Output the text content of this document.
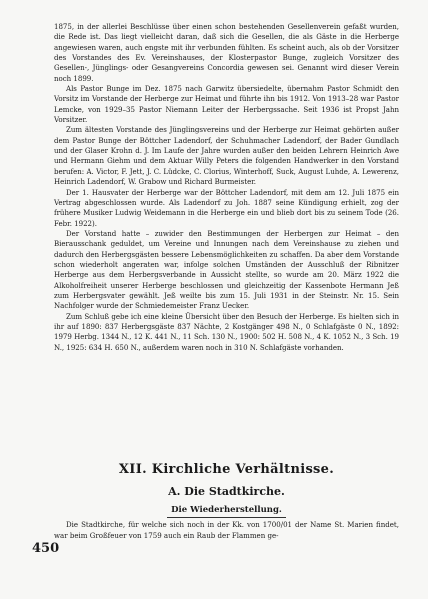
1875, in der allerlei Beschlüsse über einen schon bestehenden Gesellenverein gefaßt wurden, die Rede ist. Das liegt vielleicht daran, daß sich die Gesellen, die als Gäste in die Herberge angewiesen waren, auch engste mit ihr verbunden fühlten. Es scheint auch, als ob der Vorsitzer des Vorstandes des Ev. Vereinshauses, der Klosterpastor Bunge, zugleich Vorsitzer des Gesellen-, Jünglings- oder Gesangvereins Concordia gewesen sei. Genannt wird dieser Verein noch 1899.

Als Pastor Bunge im Dez. 1875 nach Garwitz übersiedelte, übernahm Pastor Schmidt den Vorsitz im Vorstande der Herberge zur Heimat und führte ihn bis 1912. Von 1913–28 war Pastor Lemcke, von 1929–35 Pastor Niemann Leiter der Herbergssache. Seit 1936 ist Propst Jahn Vorsitzer.

Zum ältesten Vorstande des Jünglingsvereins und der Herberge zur Heimat gehörten außer dem Pastor Bunge der Böttcher Ladendorf, der Schuhmacher Ladendorf, der Bader Gundlach und der Glaser Krohn d. J. Im Laufe der Jahre wurden außer den beiden Lehrern Heinrich Awe und Hermann Giehm und dem Aktuar Willy Peters die folgenden Handwerker in den Vorstand berufen: A. Victor, F. Jett, J. C. Lüdcke, C. Clorius, Winterhoff, Suck, August Luhde, A. Lewerenz, Heinrich Ladendorf, W. Grabow und Richard Burmeister.

Der 1. Hausvater der Herberge war der Böttcher Ladendorf, mit dem am 12. Juli 1875 ein Vertrag abgeschlossen wurde. Als Ladendorf zu Joh. 1887 seine Kündigung erhielt, zog der frühere Musiker Ludwig Weidemann in die Herberge ein und blieb dort bis zu seinem Tode (26. Febr. 1922).

Der Vorstand hatte – zuwider den Bestimmungen der Herbergen zur Heimat – den Bierausschank geduldet, um Vereine und Innungen nach dem Vereinshause zu ziehen und dadurch den Herbergsgästen bessere Lebensmöglichkeiten zu schaffen. Da aber dem Vorstande schon wiederholt angeraten war, infolge solchen Umständen der Ausschluß der Ribnitzer Herberge aus dem Herbergsverbande in Aussicht stellte, so wurde am 20. März 1922 die Alkoholfreiheit unserer Herberge beschlossen und gleichzeitig der Kassenbote Hermann Jeß zum Herbergsvater gewählt. Jeß weilte bis zum 15. Juli 1931 in der Steinstr. Nr. 15. Sein Nachfolger wurde der Schmiedemeister Franz Uecker.

Zum Schluß gebe ich eine kleine Übersicht über den Besuch der Herberge. Es hielten sich in ihr auf 1890: 837 Herbergsgäste 837 Nächte, 2 Kostgänger 498 N., 0 Schlafgäste 0 N., 1892: 1979 Herbg. 1344 N., 12 K. 441 N., 11 Sch. 130 N., 1900: 502 H. 508 N., 4 K. 1052 N., 3 Sch. 19 N., 1925: 634 H. 650 N., außerdem waren noch in 310 N. Schlafgäste vorhanden.

XII. Kirchliche Verhältnisse.
A. Die Stadtkirche.
Die Wiederherstellung.

Die Stadtkirche, für welche sich noch in der Kk. von 1700/01 der Name St. Marien findet, war beim Großfeuer von 1759 auch ein Raub der Flammen ge-

450
